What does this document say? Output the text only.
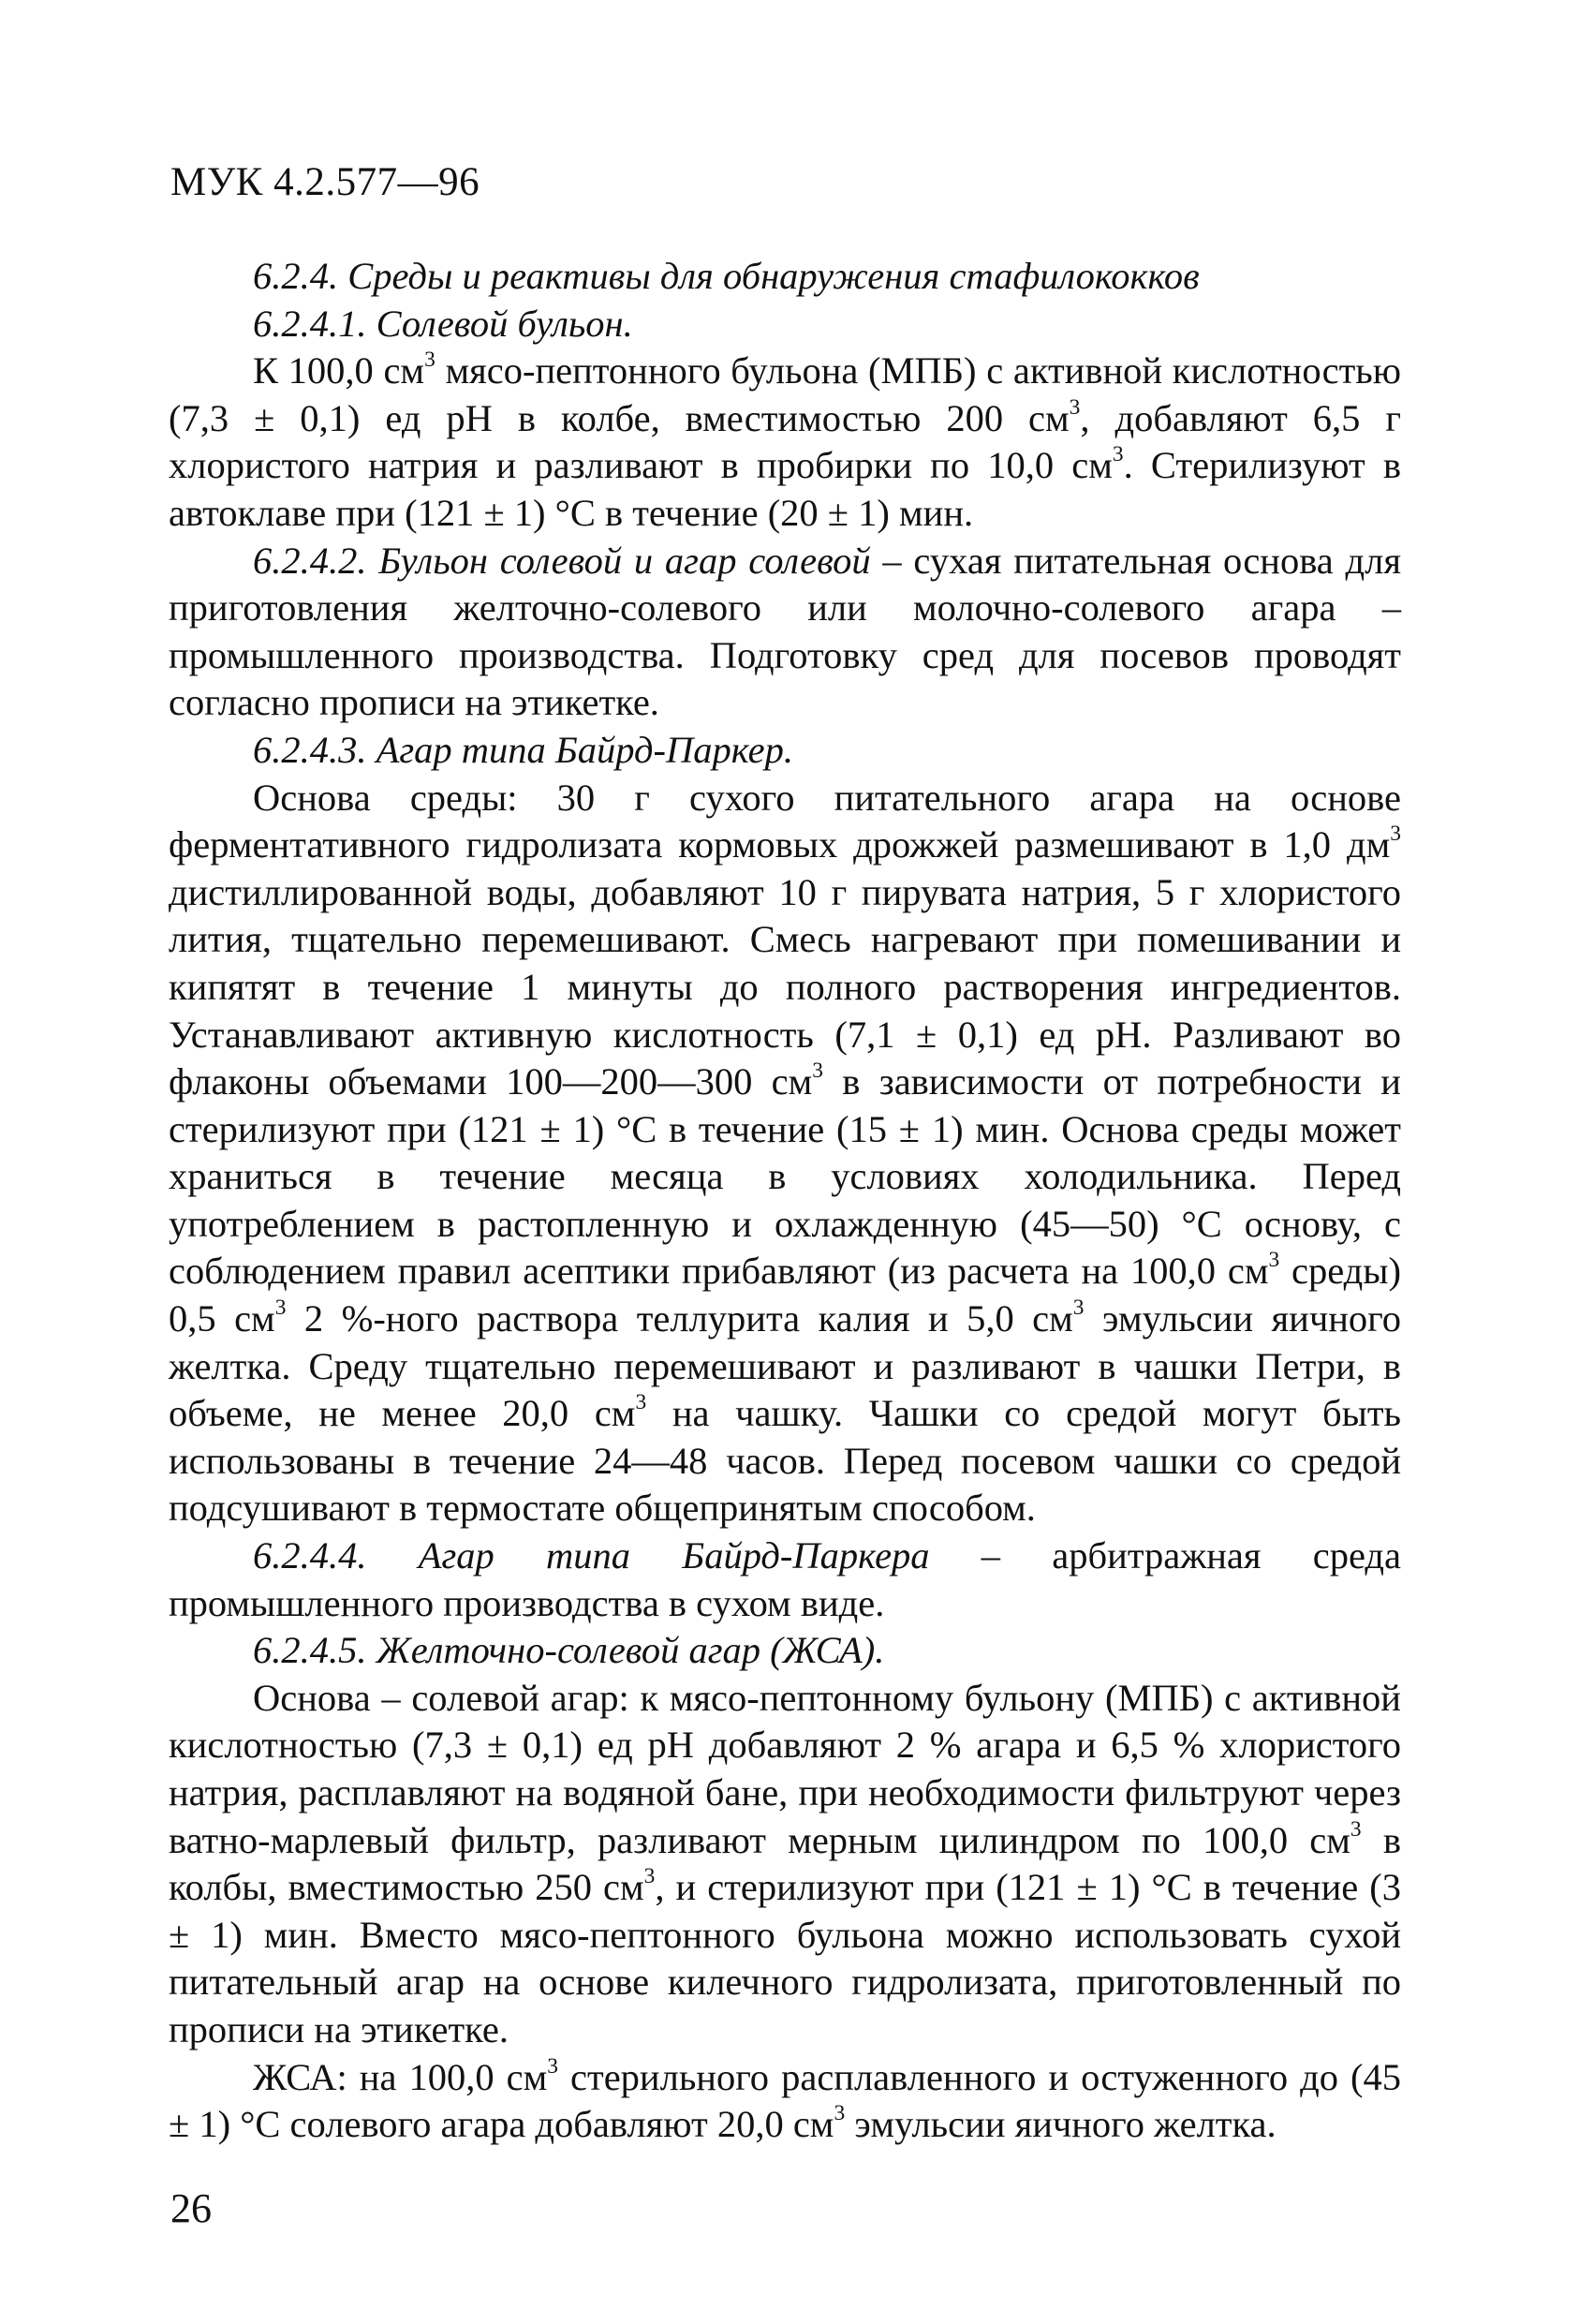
МУК 4.2.577—96

6.2.4. Среды и реактивы для обнаружения стафилококков

6.2.4.1. Солевой бульон.

К 100,0 $см^3$ мясо-пептонного бульона (МПБ) с активной кислотностью (7,3 ± 0,1) ед рН в колбе, вместимостью 200 $см^3$, добавляют 6,5 г хлористого натрия и разливают в пробирки по 10,0 $см^3$. Стерилизуют в автоклаве при (121 ± 1) °С в течение (20 ± 1) мин.

6.2.4.2. Бульон солевой и агар солевой – сухая питательная основа для приготовления желточно-солевого или молочно-солевого агара – промышленного производства. Подготовку сред для посевов проводят согласно прописи на этикетке.

6.2.4.3. Агар типа Байрд-Паркер.

Основа среды: 30 г сухого питательного агара на основе ферментативного гидролизата кормовых дрожжей размешивают в 1,0 $дм^3$ дистиллированной воды, добавляют 10 г пирувата натрия, 5 г хлористого лития, тщательно перемешивают. Смесь нагревают при помешивании и кипятят в течение 1 минуты до полного растворения ингредиентов. Устанавливают активную кислотность (7,1 ± 0,1) ед рН. Разливают во флаконы объемами 100—200—300 $см^3$ в зависимости от потребности и стерилизуют при (121 ± 1) °С в течение (15 ± 1) мин. Основа среды может храниться в течение месяца в условиях холодильника. Перед употреблением в растопленную и охлажденную (45—50) °С основу, с соблюдением правил асептики прибавляют (из расчета на 100,0 $см^3$ среды) 0,5 $см^3$ 2 %-ного раствора теллурита калия и 5,0 $см^3$ эмульсии яичного желтка. Среду тщательно перемешивают и разливают в чашки Петри, в объеме, не менее 20,0 $см^3$ на чашку. Чашки со средой могут быть использованы в течение 24—48 часов. Перед посевом чашки со средой подсушивают в термостате общепринятым способом.

6.2.4.4. Агар типа Байрд-Паркера – арбитражная среда промышленного производства в сухом виде.

6.2.4.5. Желточно-солевой агар (ЖСА).

Основа – солевой агар: к мясо-пептонному бульону (МПБ) с активной кислотностью (7,3 ± 0,1) ед рН добавляют 2 % агара и 6,5 % хлористого натрия, расплавляют на водяной бане, при необходимости фильтруют через ватно-марлевый фильтр, разливают мерным цилиндром по 100,0 $см^3$ в колбы, вместимостью 250 $см^3$, и стерилизуют при (121 ± 1) °С в течение (3 ± 1) мин. Вместо мясо-пептонного бульона можно использовать сухой питательный агар на основе килечного гидролизата, приготовленный по прописи на этикетке.

ЖСА: на 100,0 $см^3$ стерильного расплавленного и остуженного до (45 ± 1) °С солевого агара добавляют 20,0 $см^3$ эмульсии яичного желтка.

26
